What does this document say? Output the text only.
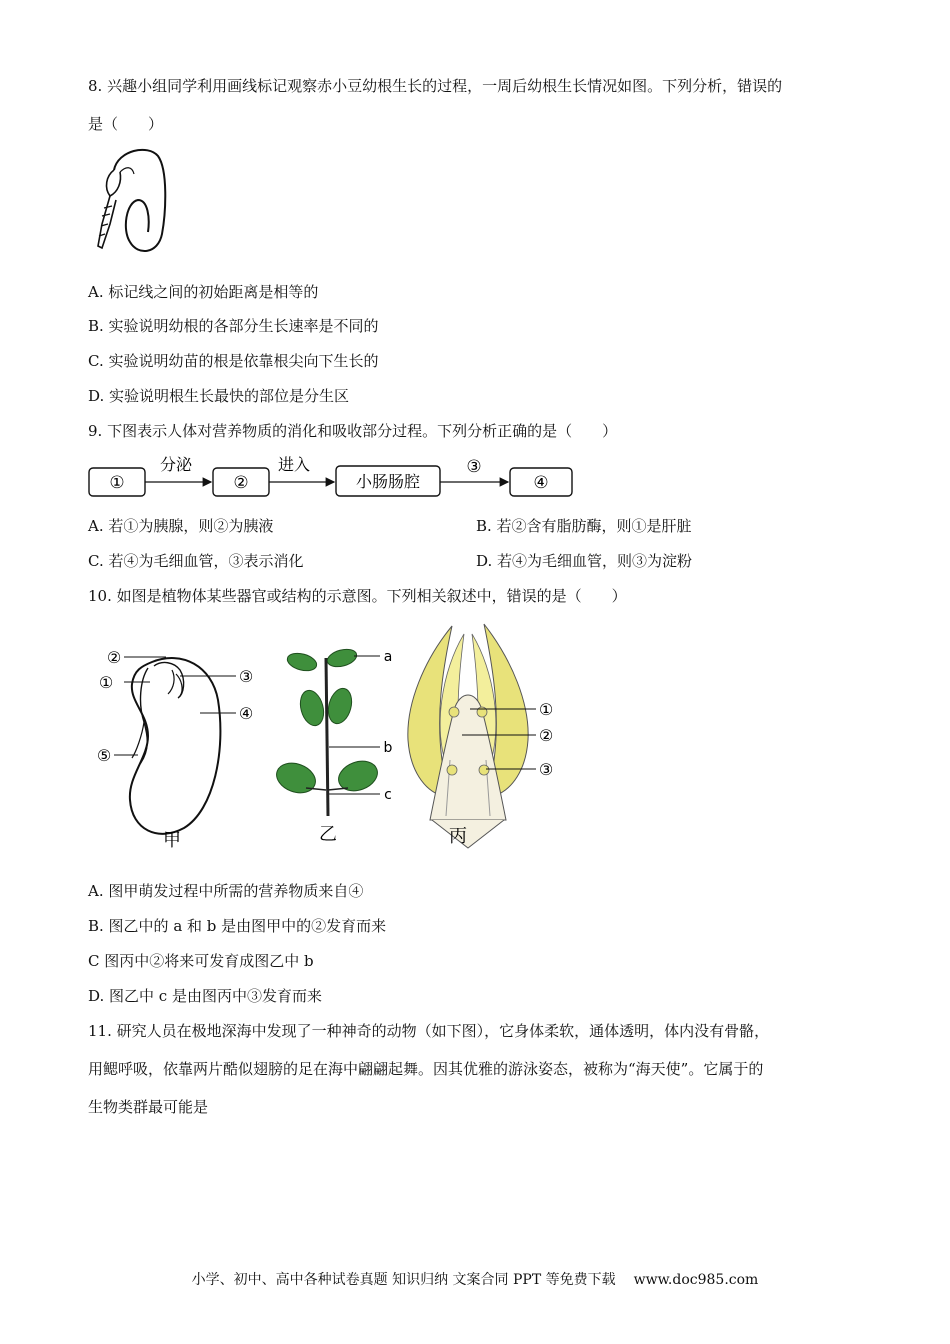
8. 兴趣小组同学利用画线标记观察赤小豆幼根生长的过程，一周后幼根生长情况如图。下列分析，错误的
是（　　）
A. 标记线之间的初始距离是相等的
B. 实验说明幼根的各部分生长速率是不同的
C. 实验说明幼苗的根是依靠根尖向下生长的
D. 实验说明根生长最快的部位是分生区
9. 下图表示人体对营养物质的消化和吸收部分过程。下列分析正确的是（　　）
①
分泌
②
进入
小肠肠腔
③
④
A. 若①为胰腺，则②为胰液	B. 若②含有脂肪酶，则①是肝脏
C. 若④为毛细血管，③表示消化	D. 若④为毛细血管，则③为淀粉
10. 如图是植物体某些器官或结构的示意图。下列相关叙述中，错误的是（　　）
②
①	③
④
⑤
甲
a
b
c
乙
①
②
③
丙
A. 图甲萌发过程中所需的营养物质来自④
B. 图乙中的 a 和 b 是由图甲中的②发育而来
C 图丙中②将来可发育成图乙中 b
D. 图乙中 c 是由图丙中③发育而来
11. 研究人员在极地深海中发现了一种神奇的动物（如下图），它身体柔软，通体透明，体内没有骨骼，
用鳃呼吸，依靠两片酷似翅膀的足在海中翩翩起舞。因其优雅的游泳姿态，被称为“海天使”。它属于的
生物类群最可能是
小学、初中、高中各种试卷真题 知识归纳 文案合同 PPT 等免费下载 www.doc985.com
